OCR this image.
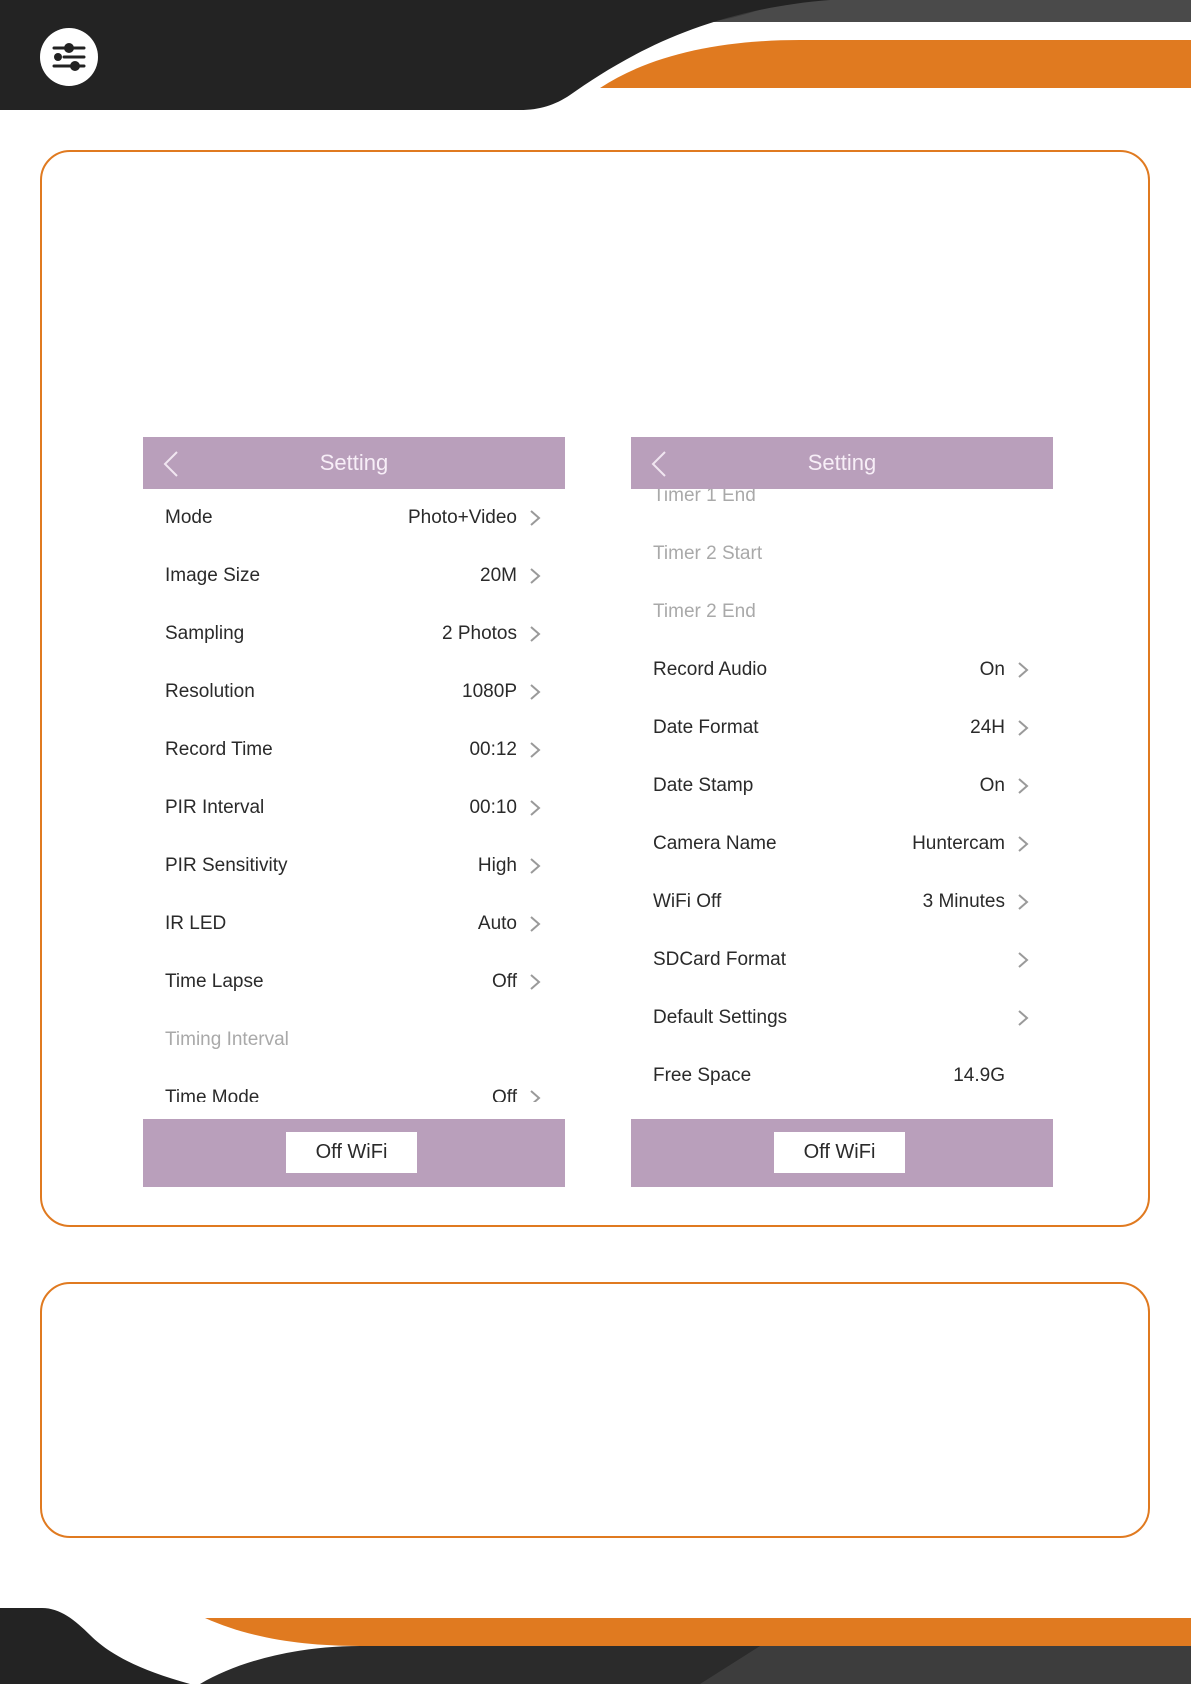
Setting
Mode	Photo+Video
Image Size	20M
Sampling	2 Photos
Resolution	1080P
Record Time	00:12
PIR Interval	00:10
PIR Sensitivity	High
IR LED	Auto
Time Lapse	Off
Timing Interval
Time Mode	Off
Off WiFi
Setting
Timer 1 End
Timer 2 Start
Timer 2 End
Record Audio	On
Date Format	24H
Date Stamp	On
Camera Name	Huntercam
WiFi Off	3 Minutes
SDCard Format
Default Settings
Free Space	14.9G
Off WiFi
